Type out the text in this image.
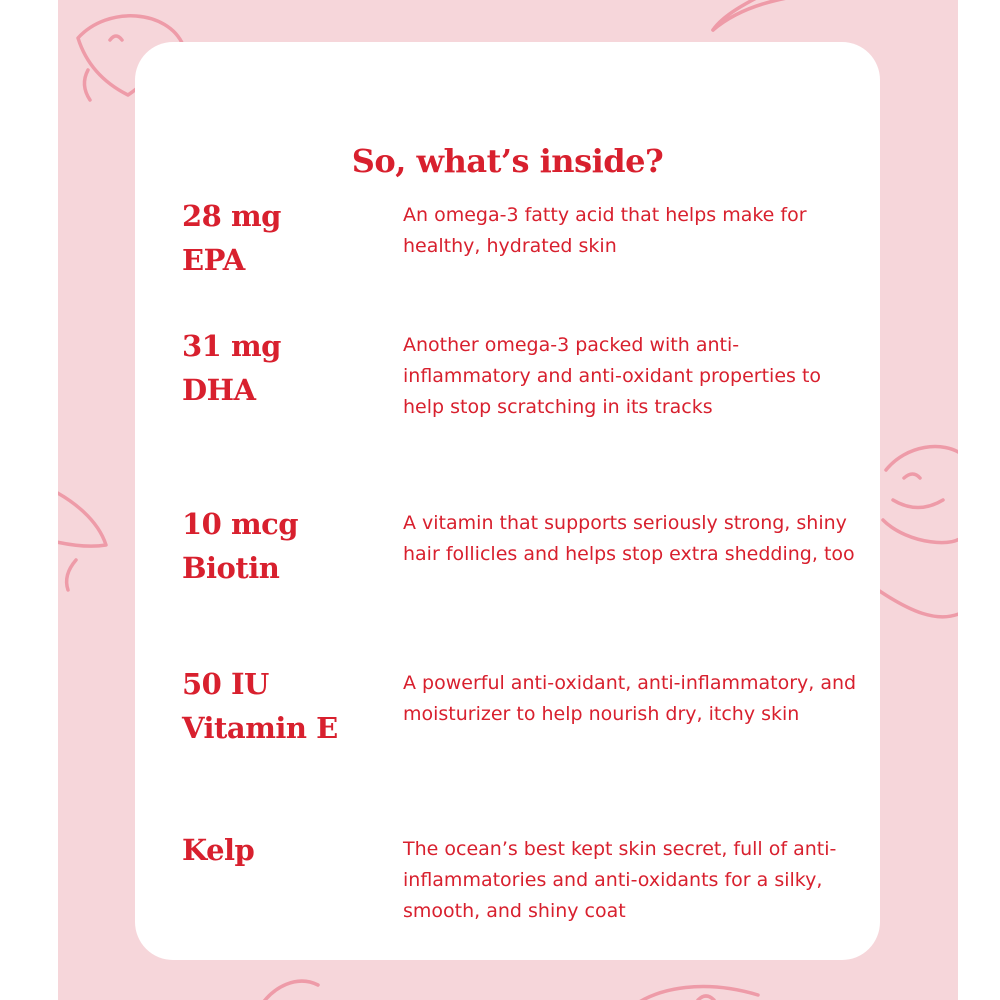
So, what’s inside?
28 mg
EPA
An omega-3 fatty acid that helps make for healthy, hydrated skin
31 mg
DHA
Another omega-3 packed with anti-inflammatory and anti-oxidant properties to help stop scratching in its tracks
10 mcg
Biotin
A vitamin that supports seriously strong, shiny hair follicles and helps stop extra shedding, too
50 IU
Vitamin E
A powerful anti-oxidant, anti-inflammatory, and moisturizer to help nourish dry, itchy skin
Kelp	The ocean’s best kept skin secret, full of anti-inflammatories and anti-oxidants for a silky, smooth, and shiny coat
